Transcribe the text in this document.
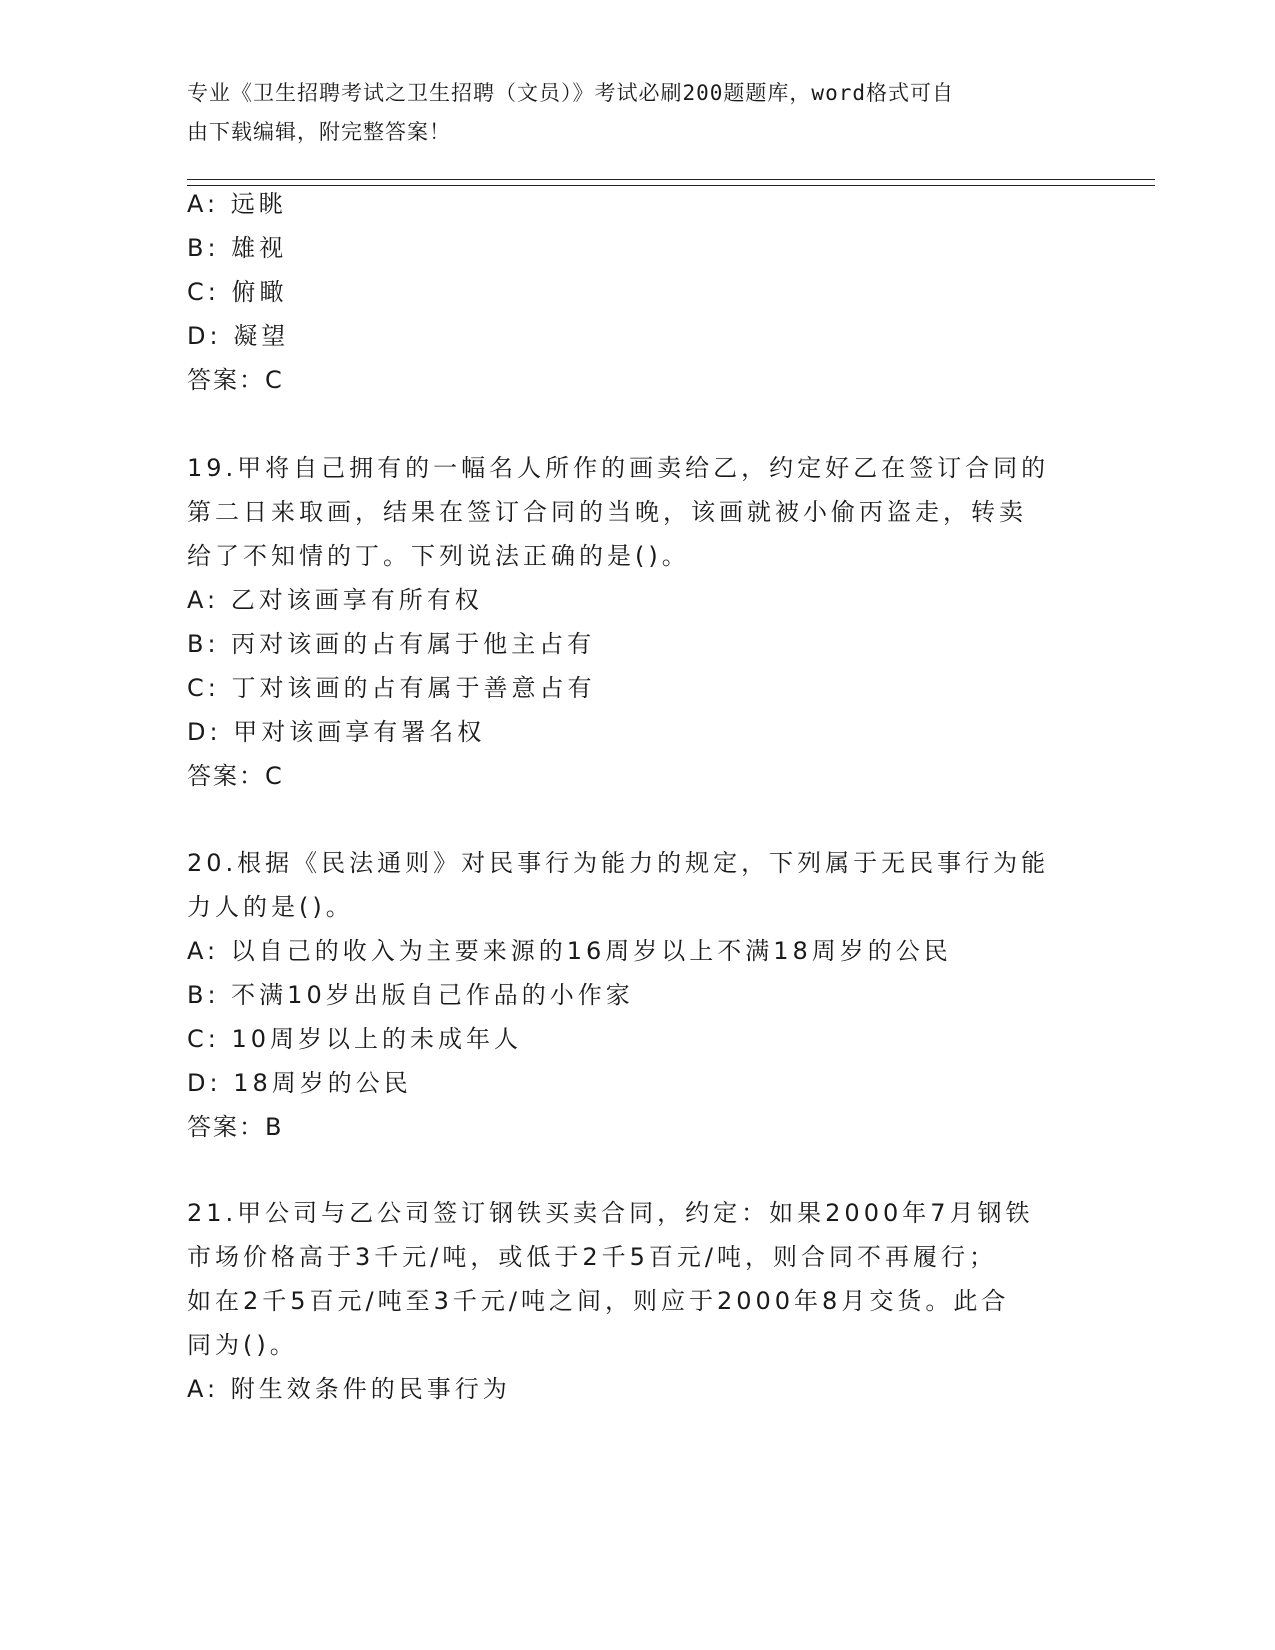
专业《卫生招聘考试之卫生招聘（文员）》考试必刷200题题库，word格式可自
由下载编辑，附完整答案！
A: 远眺
B: 雄视
C: 俯瞰
D: 凝望
答案：C
19.甲将自己拥有的一幅名人所作的画卖给乙，约定好乙在签订合同的
第二日来取画，结果在签订合同的当晚，该画就被小偷丙盗走，转卖
给了不知情的丁。下列说法正确的是()。
A: 乙对该画享有所有权
B: 丙对该画的占有属于他主占有
C: 丁对该画的占有属于善意占有
D: 甲对该画享有署名权
答案：C
20.根据《民法通则》对民事行为能力的规定，下列属于无民事行为能
力人的是()。
A: 以自己的收入为主要来源的16周岁以上不满18周岁的公民
B: 不满10岁出版自己作品的小作家
C: 10周岁以上的未成年人
D: 18周岁的公民
答案：B
21.甲公司与乙公司签订钢铁买卖合同，约定：如果2000年7月钢铁
市场价格高于3千元/吨，或低于2千5百元/吨，则合同不再履行；
如在2千5百元/吨至3千元/吨之间，则应于2000年8月交货。此合
同为()。
A: 附生效条件的民事行为
